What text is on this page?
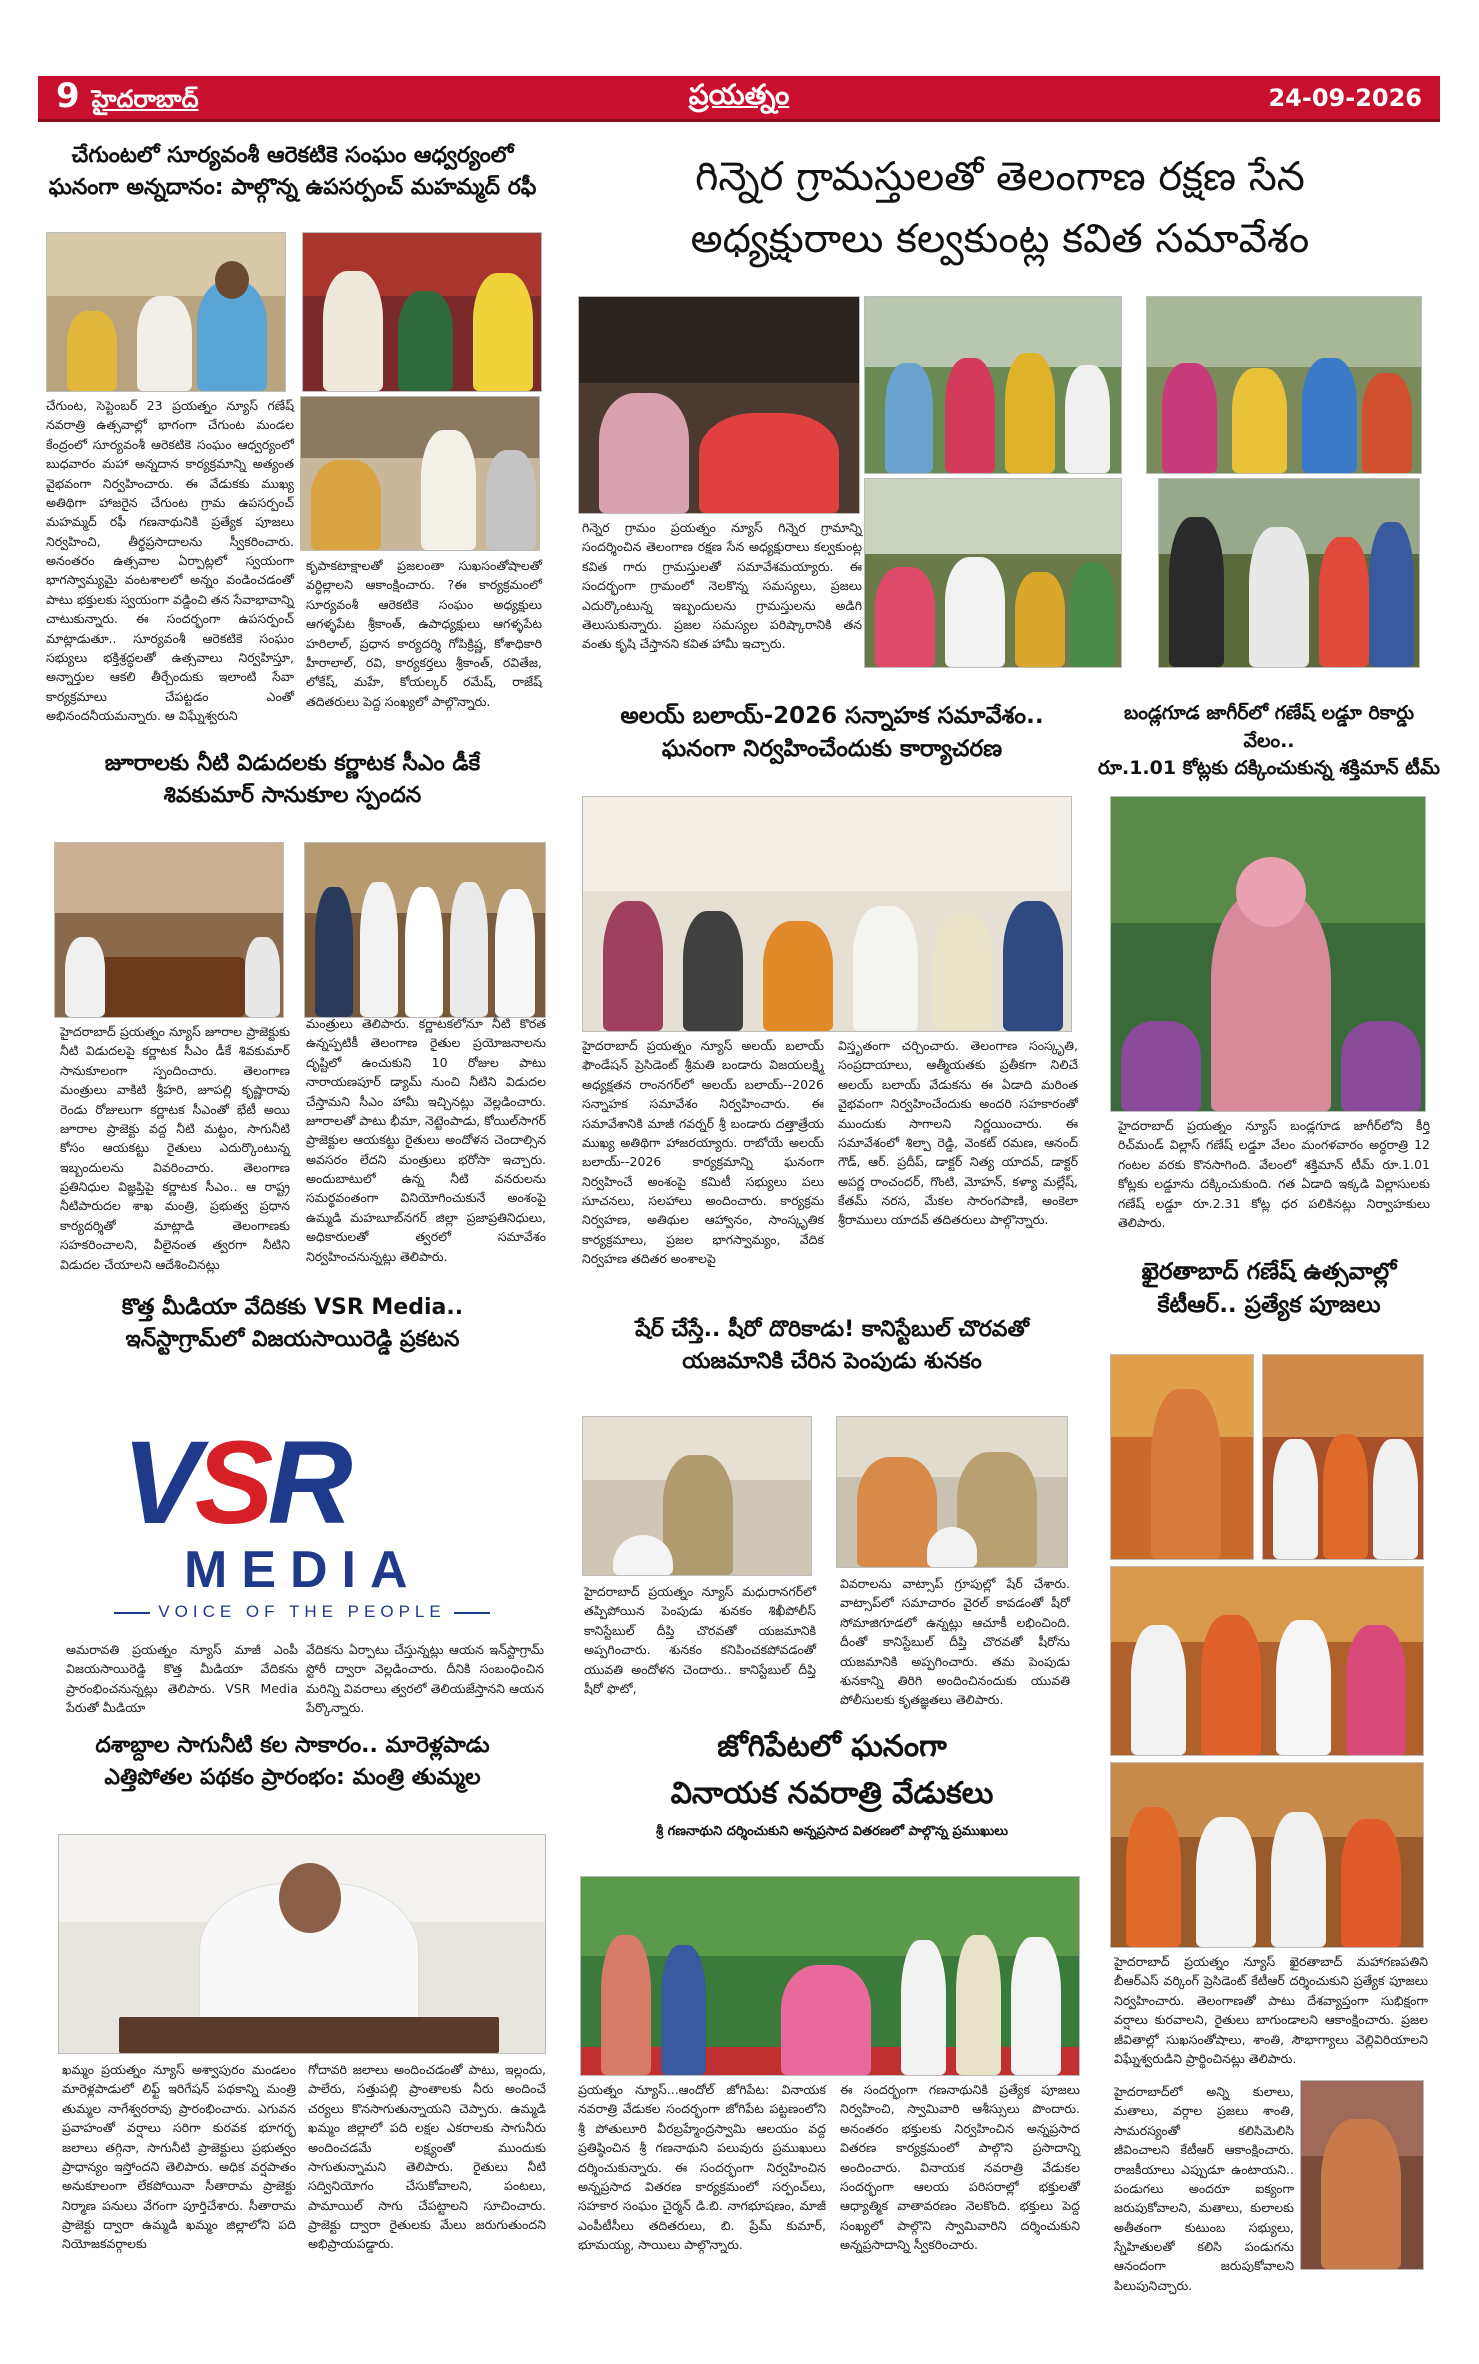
9 హైదరాబాద్	ప్రయత్నం	24-09-2026
చేగుంటలో సూర్యవంశీ ఆరెకటికె సంఘం ఆధ్వర్యంలో
ఘనంగా అన్నదానం: పాల్గొన్న ఉపసర్పంచ్ మహమ్మద్ రఫీ
చేగుంట, సెప్టెంబర్ 23 ప్రయత్నం న్యూస్ గణేష్ నవరాత్రి ఉత్సవాల్లో భాగంగా చేగుంట మండల కేంద్రంలో సూర్యవంశీ ఆరెకటికె సంఘం ఆధ్వర్యంలో బుధవారం మహా అన్నదాన కార్యక్రమాన్ని అత్యంత వైభవంగా నిర్వహించారు. ఈ వేడుకకు ముఖ్య అతిథిగా హాజరైన చేగుంట గ్రామ ఉపసర్పంచ్ మహమ్మద్ రఫీ గణనాథునికి ప్రత్యేక పూజలు నిర్వహించి, తీర్థప్రసాదాలను స్వీకరించారు. అనంతరం ఉత్సవాల ఏర్పాట్లలో స్వయంగా భాగస్వామ్యమై వంటశాలలో అన్నం వండించడంతో పాటు భక్తులకు స్వయంగా వడ్డించి తన సేవాభావాన్ని చాటుకున్నారు. ఈ సందర్భంగా ఉపసర్పంచ్ మాట్లాడుతూ.. సూర్యవంశీ ఆరెకటికె సంఘం సభ్యులు భక్తిశ్రద్ధలతో ఉత్సవాలు నిర్వహిస్తూ, అన్నార్తుల ఆకలి తీర్చేందుకు ఇలాంటి సేవా కార్యక్రమాలు చేపట్టడం ఎంతో అభినందనీయమన్నారు. ఆ విఘ్నేశ్వరుని
కృపాకటాక్షాలతో ప్రజలంతా సుఖసంతోషాలతో వర్ధిల్లాలని ఆకాంక్షించారు. ?ఈ కార్యక్రమంలో సూర్యవంశీ ఆరెకటికె సంఘం అధ్యక్షులు ఆగళ్ళపేట శ్రీకాంత్, ఉపాధ్యక్షులు ఆగళ్ళపేట హరిలాల్, ప్రధాన కార్యదర్శి గోపిక్రిష్ణ, కోశాధికారి హీరాలాల్, రవి, కార్యకర్తలు శ్రీకాంత్, రవితేజ, లోకేష్, మహే, కోయల్కర్ రమేష్, రాజేష్ తదితరులు పెద్ద సంఖ్యలో పాల్గొన్నారు.
గిన్నెర గ్రామస్తులతో తెలంగాణ రక్షణ సేన
అధ్యక్షురాలు కల్వకుంట్ల కవిత సమావేశం
గిన్నెర గ్రామం ప్రయత్నం న్యూస్ గిన్నెర గ్రామాన్ని సందర్శించిన తెలంగాణ రక్షణ సేన అధ్యక్షురాలు కల్వకుంట్ల కవిత గారు గ్రామస్తులతో సమావేశమయ్యారు. ఈ సందర్భంగా గ్రామంలో నెలకొన్న సమస్యలు, ప్రజలు ఎదుర్కొంటున్న ఇబ్బందులను గ్రామస్తులను అడిగి తెలుసుకున్నారు. ప్రజల సమస్యల పరిష్కారానికి తన వంతు కృషి చేస్తానని కవిత హామీ ఇచ్చారు.
అలయ్ బలాయ్-2026 సన్నాహక సమావేశం..
ఘనంగా నిర్వహించేందుకు కార్యాచరణ
హైదరాబాద్ ప్రయత్నం న్యూస్ అలయ్ బలాయ్ ఫౌండేషన్ ప్రెసిడెంట్ శ్రీమతి బండారు విజయలక్ష్మి అధ్యక్షతన రాంనగర్‌లో అలయ్ బలాయ్--2026 సన్నాహక సమావేశం నిర్వహించారు. ఈ సమావేశానికి మాజీ గవర్నర్ శ్రీ బండారు దత్తాత్రేయ ముఖ్య అతిథిగా హాజరయ్యారు. రాబోయే అలయ్ బలాయ్--2026 కార్యక్రమాన్ని ఘనంగా నిర్వహించే అంశంపై కమిటీ సభ్యులు పలు సూచనలు, సలహాలు అందించారు. కార్యక్రమ నిర్వహణ, అతిథుల ఆహ్వానం, సాంస్కృతిక కార్యక్రమాలు, ప్రజల భాగస్వామ్యం, వేదిక నిర్వహణ తదితర అంశాలపై
విస్తృతంగా చర్చించారు. తెలంగాణ సంస్కృతి, సంప్రదాయాలు, ఆత్మీయతకు ప్రతీకగా నిలిచే అలయ్ బలాయ్ వేడుకను ఈ ఏడాది మరింత వైభవంగా నిర్వహించేందుకు అందరి సహకారంతో ముందుకు సాగాలని నిర్ణయించారు. ఈ సమావేశంలో శిల్పా రెడ్డి, వెంకట్ రమణ, ఆనంద్ గౌడ్, ఆర్. ప్రదీప్, డాక్టర్ నిత్య యాదవ్, డాక్టర్ అపర్ణ రాంచందర్, గొంటి, మోహన్, కళ్యా మల్లేష్, కేతమ్ నరస, మేకల సారంగపాణి, అంకెలా శ్రీరాములు యాదవ్ తదితరులు పాల్గొన్నారు.
బండ్లగూడ జాగీర్‌లో గణేష్ లడ్డూ రికార్డు వేలం..
రూ.1.01 కోట్లకు దక్కించుకున్న శక్తిమాన్ టీమ్
హైదరాబాద్ ప్రయత్నం న్యూస్ బండ్లగూడ జాగీర్‌లోని కీర్తి రిచ్‌మండ్ విల్లాస్ గణేష్ లడ్డూ వేలం మంగళవారం అర్ధరాత్రి 12 గంటల వరకు కొనసాగింది. వేలంలో శక్తిమాన్ టీమ్ రూ.1.01 కోట్లకు లడ్డూను దక్కించుకుంది. గత ఏడాది ఇక్కడి విల్లాసులకు గణేష్ లడ్డూ రూ.2.31 కోట్ల ధర పలికినట్లు నిర్వాహకులు తెలిపారు.
జూరాలకు నీటి విడుదలకు కర్ణాటక సీఎం డీకే
శివకుమార్ సానుకూల స్పందన
హైదరాబాద్ ప్రయత్నం న్యూస్ జూరాల ప్రాజెక్టుకు నీటి విడుదలపై కర్ణాటక సీఎం డీకే శివకుమార్ సానుకూలంగా స్పందించారు. తెలంగాణ మంత్రులు వాకిటి శ్రీహరి, జూపల్లి కృష్ణారావు రెండు రోజులుగా కర్ణాటక సీఎంతో భేటీ అయి జూరాల ప్రాజెక్టు వద్ద నీటి మట్టం, సాగునీటి కోసం ఆయకట్టు రైతులు ఎదుర్కొంటున్న ఇబ్బందులను వివరించారు. తెలంగాణ ప్రతినిధుల విజ్ఞప్తిపై కర్ణాటక సీఎం.. ఆ రాష్ట్ర నీటిపారుదల శాఖ మంత్రి, ప్రభుత్వ ప్రధాన కార్యదర్శితో మాట్లాడి తెలంగాణకు సహకరించాలని, వీలైనంత త్వరగా నీటిని విడుదల చేయాలని ఆదేశించినట్లు
మంత్రులు తెలిపారు. కర్ణాటకలోనూ నీటి కొరత ఉన్నప్పటికీ తెలంగాణ రైతుల ప్రయోజనాలను దృష్టిలో ఉంచుకుని 10 రోజుల పాటు నారాయణపూర్ డ్యామ్ నుంచి నీటిని విడుదల చేస్తామని సీఎం హామీ ఇచ్చినట్లు వెల్లడించారు. జూరాలతో పాటు భీమా, నెట్టెంపాడు, కోయిల్‌సాగర్ ప్రాజెక్టుల ఆయకట్టు రైతులు అందోళన చెందాల్సిన అవసరం లేదని మంత్రులు భరోసా ఇచ్చారు. అందుబాటులో ఉన్న నీటి వనరులను సమర్థవంతంగా వినియోగించుకునే అంశంపై ఉమ్మడి మహబూబ్‌నగర్ జిల్లా ప్రజాప్రతినిధులు, అధికారులతో త్వరలో సమావేశం నిర్వహించనున్నట్లు తెలిపారు.
కొత్త మీడియా వేదికకు VSR Media..
ఇన్‌స్టాగ్రామ్‌లో విజయసాయిరెడ్డి ప్రకటన
VSR
MEDIA
VOICE OF THE PEOPLE
అమరావతి ప్రయత్నం న్యూస్ మాజీ ఎంపీ విజయసాయిరెడ్డి కొత్త మీడియా వేదికను ప్రారంభించనున్నట్లు తెలిపారు. VSR Media పేరుతో మీడియా
వేదికను ఏర్పాటు చేస్తున్నట్లు ఆయన ఇన్‌స్టాగ్రామ్ స్టోరీ ద్వారా వెల్లడించారు. దీనికి సంబంధించిన మరిన్ని వివరాలు త్వరలో తెలియజేస్తానని ఆయన పేర్కొన్నారు.
షేర్ చేస్తే.. షీరో దొరికాడు! కానిస్టేబుల్ చొరవతో
యజమానికి చేరిన పెంపుడు శునకం
హైదరాబాద్ ప్రయత్నం న్యూస్ మధురానగర్‌లో తప్పిపోయిన పెంపుడు శునకం శిఖీపోలీస్ కానిస్టేబుల్ దీప్తి చొరవతో యజమానికి అప్పగించారు. శునకం కనిపించకపోవడంతో యువతి అందోళన చెందారు.. కానిస్టేబుల్ దీప్తి షీరో ఫొటో,
వివరాలను వాట్సాప్ గ్రూపుల్లో షేర్ చేశారు. వాట్సాప్‌లో సమాచారం వైరల్ కావడంతో షీరో సోమాజిగూడలో ఉన్నట్లు ఆచూకీ లభించింది. దీంతో కానిస్టేబుల్ దీప్తి చొరవతో షీరోను యజమానికి అప్పగించారు. తమ పెంపుడు శునకాన్ని తిరిగి అందించినందుకు యువతి పోలీసులకు కృతజ్ఞతలు తెలిపారు.
ఖైరతాబాద్ గణేష్ ఉత్సవాల్లో
కేటీఆర్.. ప్రత్యేక పూజలు
హైదరాబాద్ ప్రయత్నం న్యూస్ ఖైరతాబాద్ మహాగణపతిని బీఆర్ఎస్ వర్కింగ్ ప్రెసిడెంట్ కేటీఆర్ దర్శించుకుని ప్రత్యేక పూజలు నిర్వహించారు. తెలంగాణతో పాటు దేశవ్యాప్తంగా సుభిక్షంగా వర్షాలు కురవాలని, రైతులు బాగుండాలని ఆకాంక్షించారు. ప్రజల జీవితాల్లో సుఖసంతోషాలు, శాంతి, సౌభాగ్యాలు వెల్లివిరియాలని విఘ్నేశ్వరుడిని ప్రార్థించినట్లు తెలిపారు.
హైదరాబాద్‌లో అన్ని కులాలు, మతాలు, వర్గాల ప్రజలు శాంతి, సామరస్యంతో కలిసిమెలిసి జీవించాలని కేటీఆర్ ఆకాంక్షించారు. రాజకీయాలు ఎప్పుడూ ఉంటాయని.. పండుగలు అందరూ ఐక్యంగా జరుపుకోవాలని, మతాలు, కులాలకు అతీతంగా కుటుంబ సభ్యులు, స్నేహితులతో కలిసి పండుగను ఆనందంగా జరుపుకోవాలని పిలుపునిచ్చారు.
దశాబ్దాల సాగునీటి కల సాకారం.. మారెళ్లపాడు
ఎత్తిపోతల పథకం ప్రారంభం: మంత్రి తుమ్మల
ఖమ్మం ప్రయత్నం న్యూస్ అశ్వాపురం మండలం మారెళ్లపాడులో లిఫ్ట్ ఇరిగేషన్ పథకాన్ని మంత్రి తుమ్మల నాగేశ్వరరావు ప్రారంభించారు. ఎగువన ప్రవాహంతో వర్షాలు సరిగా కురవక భూగర్భ జలాలు తగ్గినా, సాగునీటి ప్రాజెక్టులు ప్రభుత్వం ప్రాధాన్యం ఇస్తోందని తెలిపారు. అధిక వర్షపాతం అనుకూలంగా లేకపోయినా సీతారామ ప్రాజెక్టు నిర్మాణ పనులు వేగంగా పూర్తిచేశారు. సీతారామ ప్రాజెక్టు ద్వారా ఉమ్మడి ఖమ్మం జిల్లాలోని పది నియోజకవర్గాలకు
గోదావరి జలాలు అందించడంతో పాటు, ఇల్లందు, పాలేరు, సత్తుపల్లి ప్రాంతాలకు నీరు అందించే చర్యలు కొనసాగుతున్నాయని చెప్పారు. ఉమ్మడి ఖమ్మం జిల్లాలో పది లక్షల ఎకరాలకు సాగునీరు అందించడమే లక్ష్యంతో ముందుకు సాగుతున్నామని తెలిపారు. రైతులు నీటి సద్వినియోగం చేసుకోవాలని, పంటలు, పామాయిల్ సాగు చేపట్టాలని సూచించారు. ప్రాజెక్టు ద్వారా రైతులకు మేలు జరుగుతుందని అభిప్రాయపడ్డారు.
జోగిపేటలో ఘనంగా
వినాయక నవరాత్రి వేడుకలు
శ్రీ గణనాథుని దర్శించుకుని అన్నప్రసాద వితరణలో పాల్గొన్న ప్రముఖులు
ప్రయత్నం న్యూస్...ఆందోల్ జోగిపేట: వినాయక నవరాత్రి వేడుకల సందర్భంగా జోగిపేట పట్టణంలోని శ్రీ పోతులూరి వీరబ్రహ్మేంద్రస్వామి ఆలయం వద్ద ప్రతిష్ఠించిన శ్రీ గణనాథుని పలువురు ప్రముఖులు దర్శించుకున్నారు. ఈ సందర్భంగా నిర్వహించిన అన్నప్రసాద వితరణ కార్యక్రమంలో సర్పంచ్‌లు, సహకార సంఘం చైర్మన్ డి.బి. నాగభూషణం, మాజీ ఎంపీటీసీలు తదితరులు, బి. ప్రేమ్ కుమార్, భూమయ్య, సాయిలు పాల్గొన్నారు.
ఈ సందర్భంగా గణనాథునికి ప్రత్యేక పూజలు నిర్వహించి, స్వామివారి ఆశీస్సులు పొందారు. అనంతరం భక్తులకు నిర్వహించిన అన్నప్రసాద వితరణ కార్యక్రమంలో పాల్గొని ప్రసాదాన్ని అందించారు. వినాయక నవరాత్రి వేడుకల సందర్భంగా ఆలయ పరిసరాల్లో భక్తులతో ఆధ్యాత్మిక వాతావరణం నెలకొంది. భక్తులు పెద్ద సంఖ్యలో పాల్గొని స్వామివారిని దర్శించుకుని అన్నప్రసాదాన్ని స్వీకరించారు.
